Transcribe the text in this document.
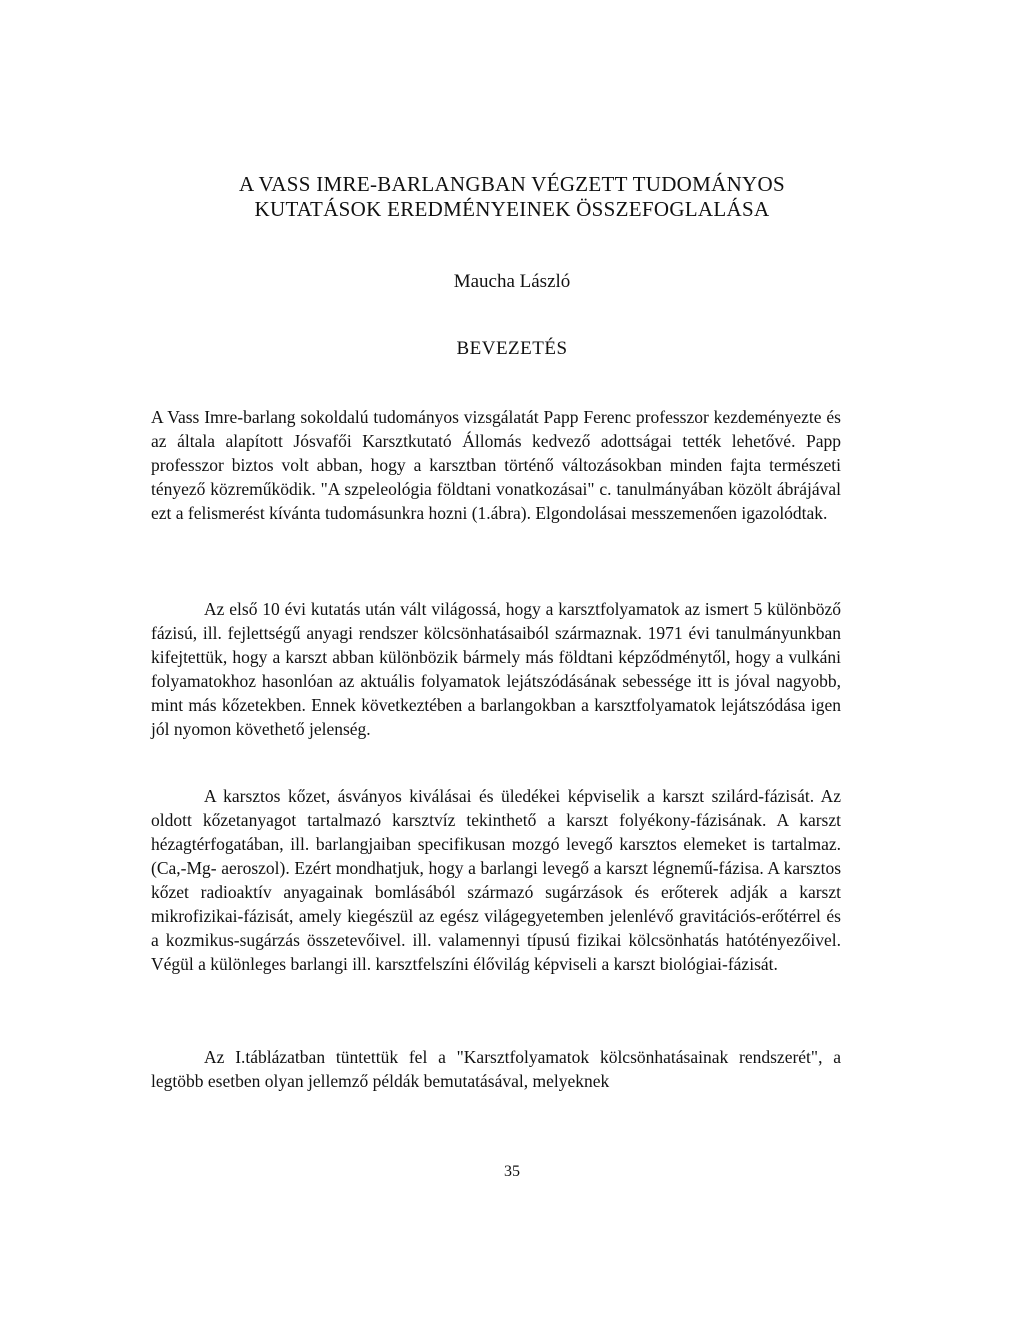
A VASS IMRE-BARLANGBAN VÉGZETT TUDOMÁNYOS
KUTATÁSOK EREDMÉNYEINEK ÖSSZEFOGLALÁSA
Maucha László
BEVEZETÉS

A Vass Imre-barlang sokoldalú tudományos vizsgálatát Papp Ferenc professzor kezdeményezte és az általa alapított Jósvafői Karsztkutató Állomás kedvező adottságai tették lehetővé. Papp professzor biztos volt abban, hogy a karsztban történő változásokban minden fajta természeti tényező közreműködik. "A szpeleológia földtani vonatkozásai" c. tanulmányában közölt ábrájával ezt a felismerést kívánta tudomásunkra hozni (1.ábra). Elgondolásai messzemenően igazolódtak.

Az első 10 évi kutatás után vált világossá, hogy a karsztfolyamatok az ismert 5 különböző fázisú, ill. fejlettségű anyagi rendszer kölcsönhatásaiból származnak. 1971 évi tanulmányunkban kifejtettük, hogy a karszt abban különbözik bármely más földtani képződménytől, hogy a vulkáni folyamatokhoz hasonlóan az aktuális folyamatok lejátszódásának sebessége itt is jóval nagyobb, mint más kőzetekben. Ennek következtében a barlangokban a karsztfolyamatok lejátszódása igen jól nyomon követhető jelenség.

A karsztos kőzet, ásványos kiválásai és üledékei képviselik a karszt szilárd-fázisát. Az oldott kőzetanyagot tartalmazó karsztvíz tekinthető a karszt folyékony-fázisának. A karszt hézagtérfogatában, ill. barlangjaiban specifikusan mozgó levegő karsztos elemeket is tartalmaz. (Ca,-Mg- aeroszol). Ezért mondhatjuk, hogy a barlangi levegő a karszt légnemű-fázisa. A karsztos kőzet radioaktív anyagainak bomlásából származó sugárzások és erőterek adják a karszt mikrofizikai-fázisát, amely kiegészül az egész világegyetemben jelenlévő gravitációs-erőtérrel és a kozmikus-sugárzás összetevőivel. ill. valamennyi típusú fizikai kölcsönhatás hatótényezőivel. Végül a különleges barlangi ill. karsztfelszíni élővilág képviseli a karszt biológiai-fázisát.

Az I.táblázatban tüntettük fel a "Karsztfolyamatok kölcsönhatásainak rendszerét", a legtöbb esetben olyan jellemző példák bemutatásával, melyeknek

35
